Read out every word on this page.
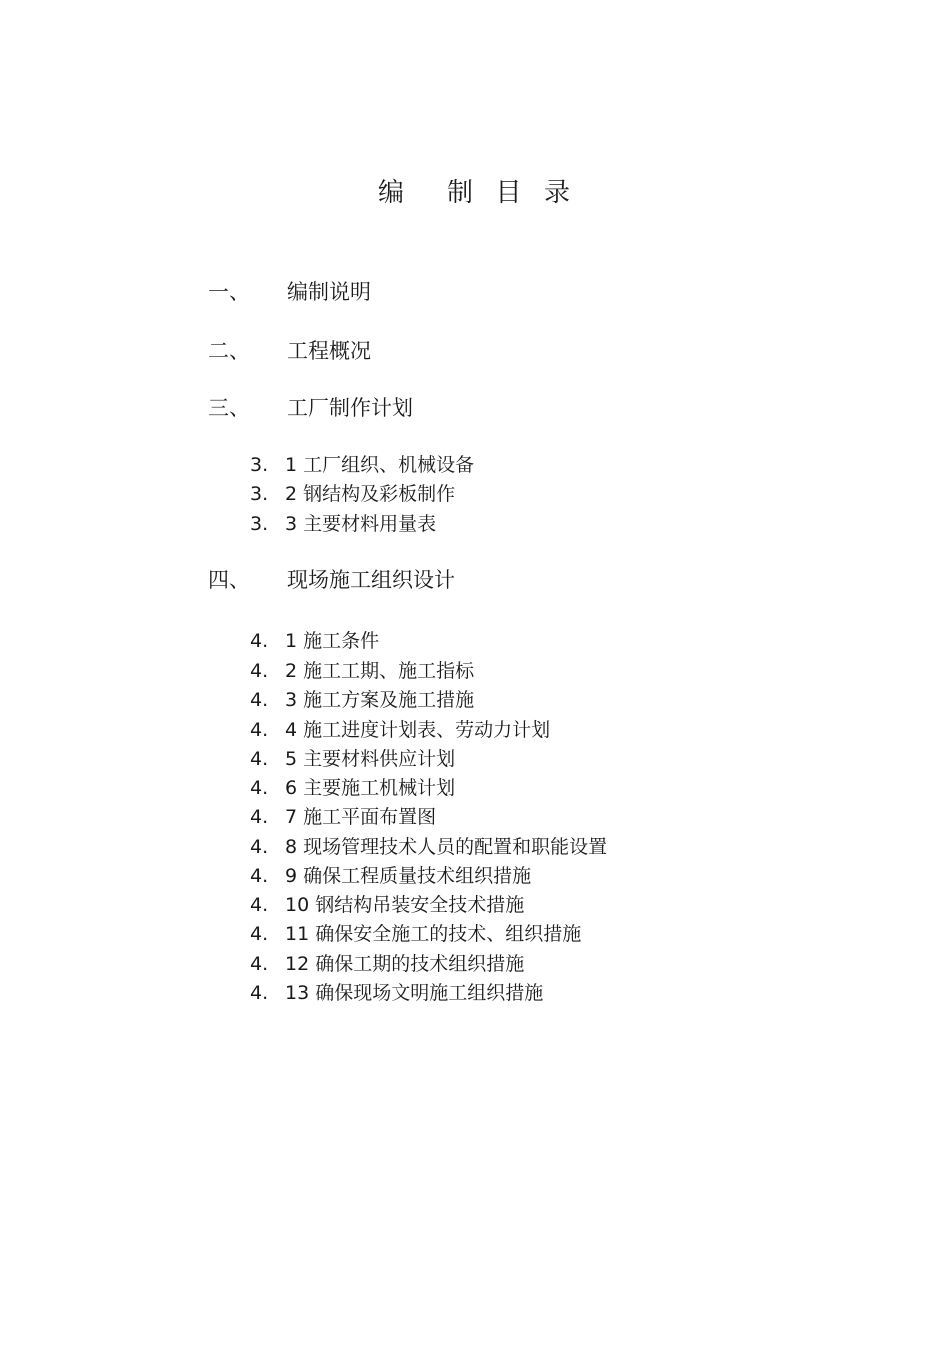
编    制  目  录
一、 编制说明
二、 工程概况
三、 工厂制作计划
3. 1 工厂组织、机械设备
3. 2 钢结构及彩板制作
3. 3 主要材料用量表
四、 现场施工组织设计
4. 1 施工条件
4. 2 施工工期、施工指标
4. 3 施工方案及施工措施
4. 4 施工进度计划表、劳动力计划
4. 5 主要材料供应计划
4. 6 主要施工机械计划
4. 7 施工平面布置图
4. 8 现场管理技术人员的配置和职能设置
4. 9 确保工程质量技术组织措施
4. 10 钢结构吊装安全技术措施
4. 11 确保安全施工的技术、组织措施
4. 12 确保工期的技术组织措施
4. 13 确保现场文明施工组织措施
